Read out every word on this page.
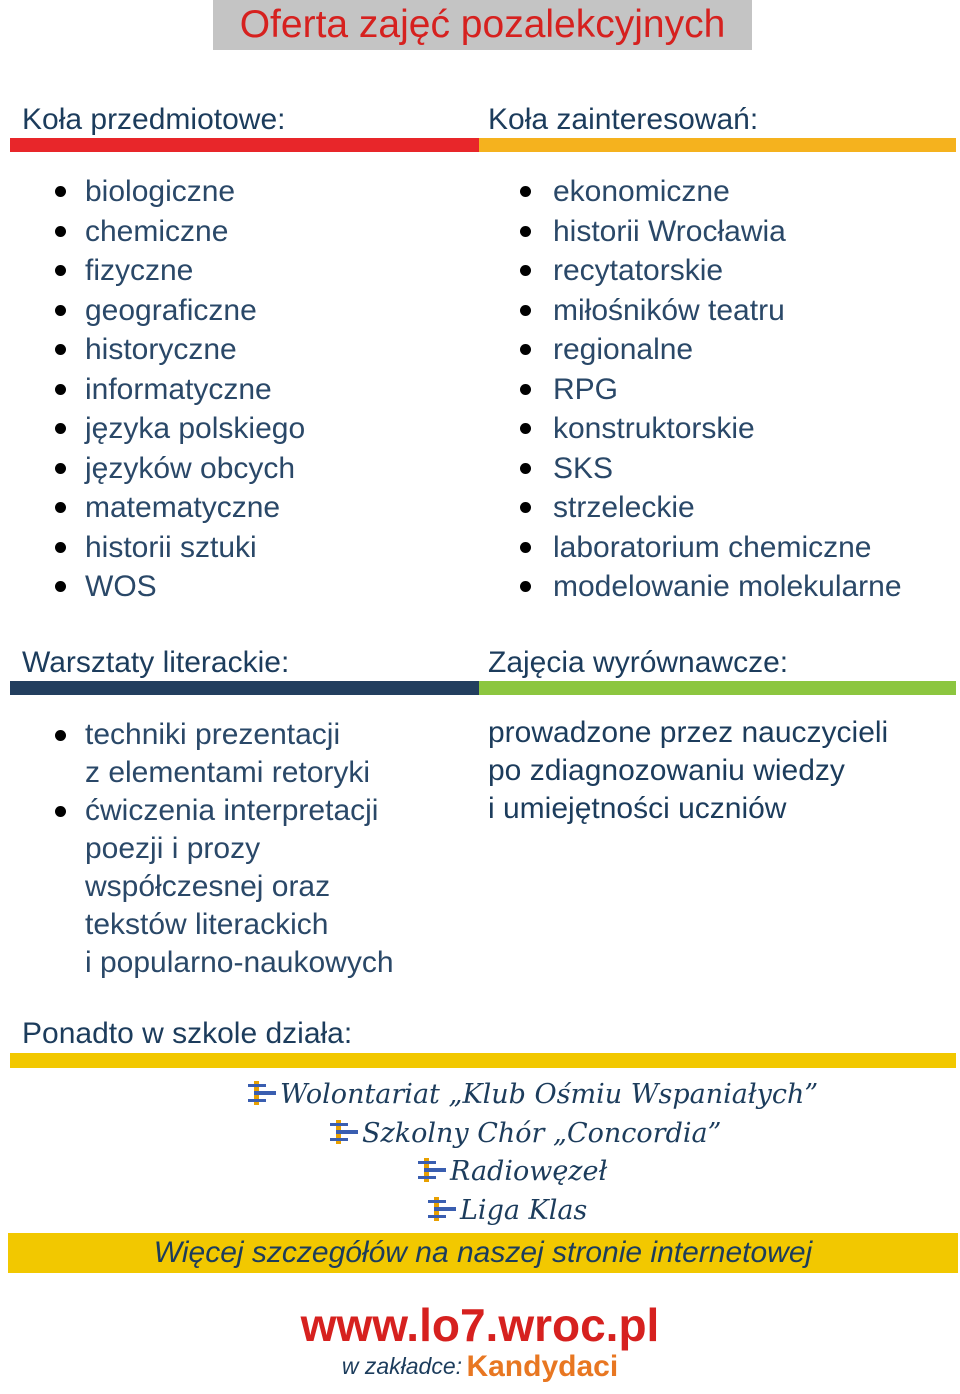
Oferta zajęć pozalekcyjnych
Koła przedmiotowe:
biologiczne
chemiczne
fizyczne
geograficzne
historyczne
informatyczne
języka polskiego
języków obcych
matematyczne
historii sztuki
WOS
Koła zainteresowań:
ekonomiczne
historii Wrocławia
recytatorskie
miłośników teatru
regionalne
RPG
konstruktorskie
SKS
strzeleckie
laboratorium chemiczne
modelowanie molekularne
Warsztaty literackie:
techniki prezentacji
z elementami retoryki
ćwiczenia interpretacji
poezji i prozy
współczesnej oraz
tekstów literackich
i popularno-naukowych
Zajęcia wyrównawcze:
prowadzone przez nauczycieli
po zdiagnozowaniu wiedzy
i umiejętności uczniów
Ponadto w szkole działa:
Wolontariat „Klub Ośmiu Wspaniałych”
Szkolny Chór „Concordia”
Radiowęzeł
Liga Klas
Więcej szczegółów na naszej stronie internetowej
www.lo7.wroc.pl
w zakładce: Kandydaci
